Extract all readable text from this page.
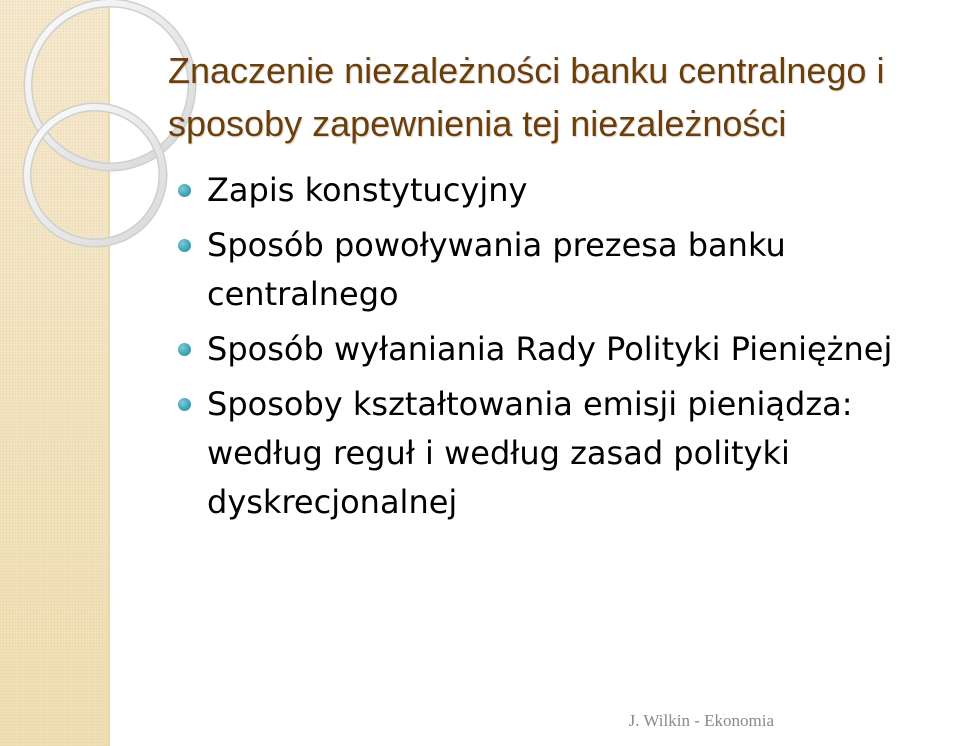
Znaczenie niezależności banku centralnego i sposoby zapewnienia tej niezależności
Zapis konstytucyjny
Sposób powoływania prezesa banku centralnego
Sposób wyłaniania Rady Polityki Pieniężnej
Sposoby kształtowania emisji pieniądza: według reguł i według zasad polityki dyskrecjonalnej
J. Wilkin - Ekonomia
